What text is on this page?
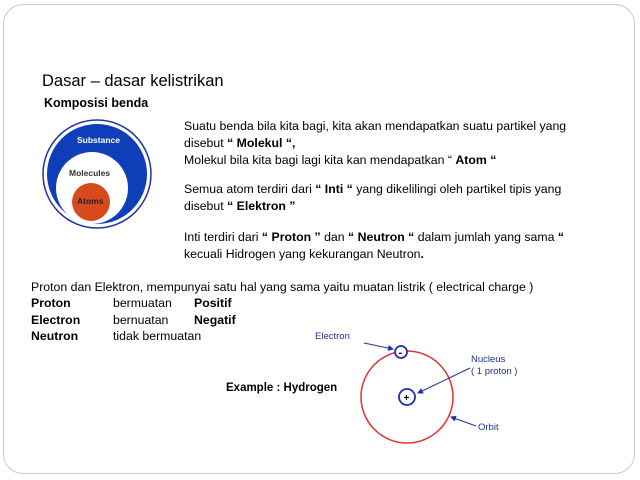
Dasar – dasar kelistrikan
Komposisi benda
Substance
Molecules
Atoms
Suatu benda bila kita bagi, kita akan mendapatkan suatu partikel yang
disebut “ Molekul “,
Molekul bila kita bagi lagi kita kan mendapatkan “ Atom “
Semua atom terdiri dari “ Inti “ yang dikelilingi oleh partikel tipis yang
disebut “ Elektron ”
Inti terdiri dari “ Proton ” dan “ Neutron “ dalam jumlah yang sama “
kecuali Hidrogen yang kekurangan Neutron.
Proton dan Elektron, mempunyai satu hal yang sama yaitu muatan listrik ( electrical charge )
Proton	bermuatan Positif
Electron	bernuatan Negatif
Neutron	tidak bermuatan
Example : Hydrogen
-
+
Electron
Nucleus
( 1 proton )
Orbit
